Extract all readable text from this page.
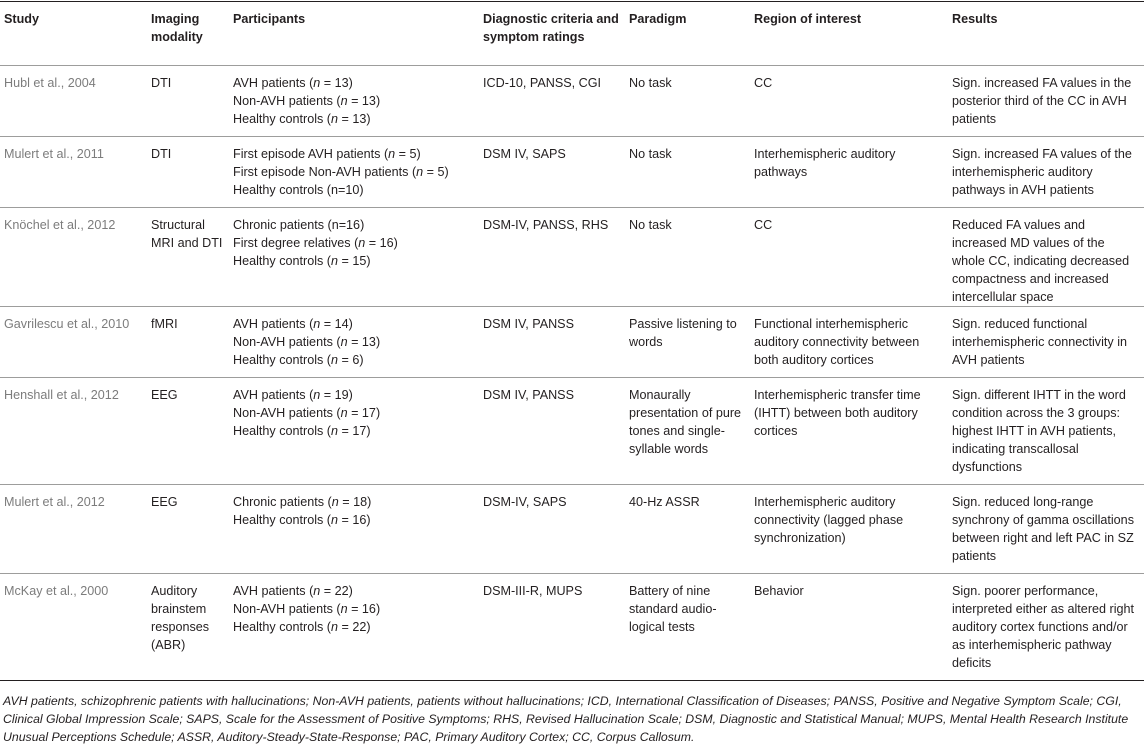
Study	Imaging modality	Participants	Diagnostic criteria and symptom ratings	Paradigm	Region of interest	Results
Hubl et al., 2004	DTI	AVH patients (n = 13)
Non-AVH patients (n = 13)
Healthy controls (n = 13)	ICD-10, PANSS, CGI	No task	CC	Sign. increased FA values in the posterior third of the CC in AVH patients
Mulert et al., 2011	DTI	First episode AVH patients (n = 5)
First episode Non-AVH patients (n = 5)
Healthy controls (n=10)	DSM IV, SAPS	No task	Interhemispheric auditory pathways	Sign. increased FA values of the interhemispheric auditory pathways in AVH patients
Knöchel et al., 2012	Structural MRI and DTI	Chronic patients (n=16)
First degree relatives (n = 16)
Healthy controls (n = 15)	DSM-IV, PANSS, RHS	No task	CC	Reduced FA values and increased MD values of the whole CC, indicating decreased compactness and increased intercellular space
Gavrilescu et al., 2010	fMRI	AVH patients (n = 14)
Non-AVH patients (n = 13)
Healthy controls (n = 6)	DSM IV, PANSS	Passive listening to words	Functional interhemispheric auditory connectivity between both auditory cortices	Sign. reduced functional interhemispheric connectivity in AVH patients
Henshall et al., 2012	EEG	AVH patients (n = 19)
Non-AVH patients (n = 17)
Healthy controls (n = 17)	DSM IV, PANSS	Monaurally presentation of pure tones and single- syllable words	Interhemispheric transfer time (IHTT) between both auditory cortices	Sign. different IHTT in the word condition across the 3 groups: highest IHTT in AVH patients, indicating transcallosal dysfunctions
Mulert et al., 2012	EEG	Chronic patients (n = 18)
Healthy controls (n = 16)	DSM-IV, SAPS	40-Hz ASSR	Interhemispheric auditory connectivity (lagged phase synchronization)	Sign. reduced long-range synchrony of gamma oscillations between right and left PAC in SZ patients
McKay et al., 2000	Auditory brainstem responses (ABR)	AVH patients (n = 22)
Non-AVH patients (n = 16)
Healthy controls (n = 22)	DSM-III-R, MUPS	Battery of nine standard audio- logical tests	Behavior	Sign. poorer performance, interpreted either as altered right auditory cortex functions and/or as interhemispheric pathway deficits
AVH patients, schizophrenic patients with hallucinations; Non-AVH patients, patients without hallucinations; ICD, International Classification of Diseases; PANSS, Positive and Negative Symptom Scale; CGI, Clinical Global Impression Scale; SAPS, Scale for the Assessment of Positive Symptoms; RHS, Revised Hallucination Scale; DSM, Diagnostic and Statistical Manual; MUPS, Mental Health Research Institute Unusual Perceptions Schedule; ASSR, Auditory-Steady-State-Response; PAC, Primary Auditory Cortex; CC, Corpus Callosum.
